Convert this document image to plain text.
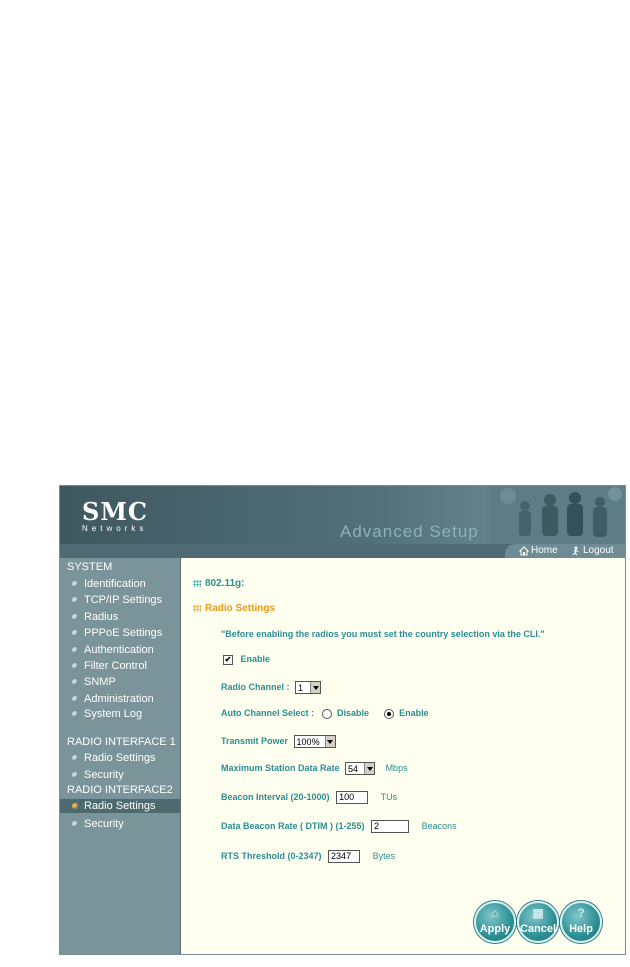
SMC
Networks	Advanced Setup
Home	Logout
SYSTEM
Identification
TCP/IP Settings
Radius
PPPoE Settings
Authentication
Filter Control
SNMP
Administration
System Log
RADIO INTERFACE 1
Radio Settings
Security
RADIO INTERFACE2
Radio Settings
Security
802.11g:
Radio Settings
"Before enabling the radios you must set the country selection via the CLI."
✔ Enable
Radio Channel : 1
Auto Channel Select :	Disable	Enable
Transmit Power 100%
Maximum Station Data Rate 54	Mbps
Beacon Interval (20-1000) 100	TUs
Data Beacon Rate ( DTIM ) (1-255) 2	Beacons
RTS Threshold (0-2347) 2347 Bytes
⌂
Apply
▦
Cancel
?
Help
